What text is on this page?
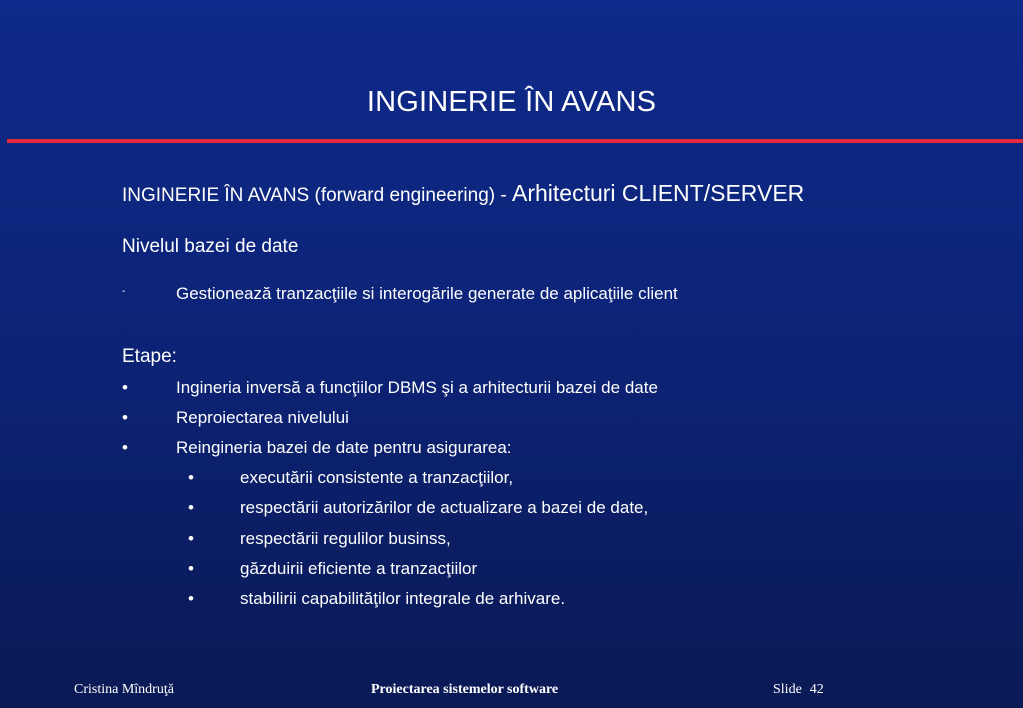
INGINERIE ÎN AVANS
INGINERIE ÎN AVANS (forward engineering) - Arhitecturi CLIENT/SERVER
Nivelul bazei de date
-	Gestionează tranzacţiile si interogările generate de aplicaţiile client
Etape:
•	Ingineria inversă a funcţiilor DBMS şi a arhitecturii bazei de date
•	Reproiectarea nivelului
•	Reingineria bazei de date pentru asigurarea:
•	executării consistente a tranzacţiilor,
•	respectării autorizărilor de actualizare a bazei de date,
•	respectării regulilor businss,
•	găzduirii eficiente a tranzacţiilor
•	stabilirii capabilităţilor integrale de arhivare.
Cristina Mîndruţă	Proiectarea sistemelor software	Slide 42
